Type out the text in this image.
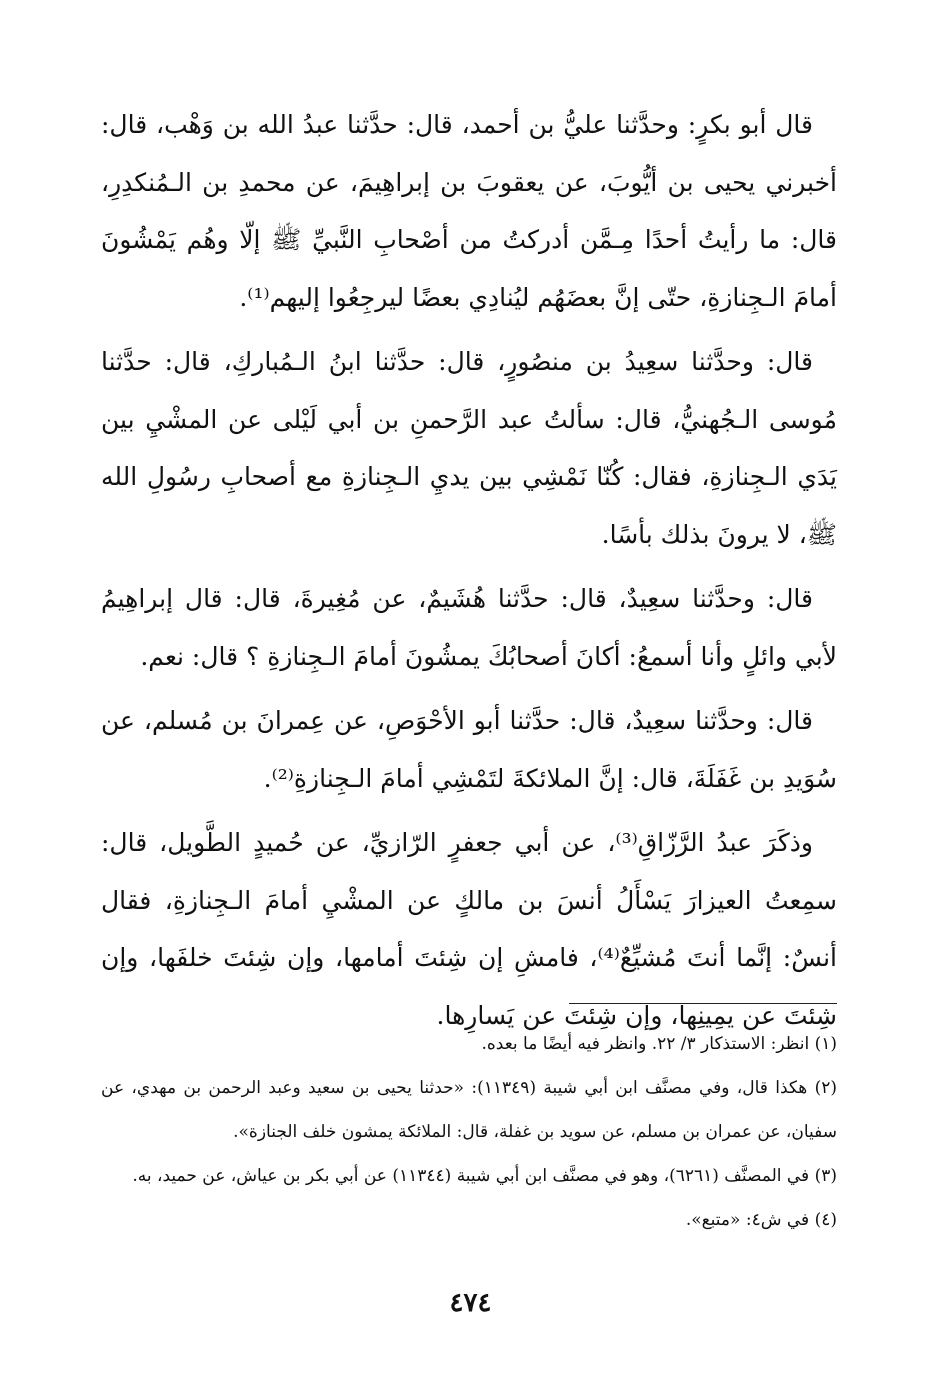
قال أبو بكرٍ: وحدَّثنا عليُّ بن أحمد، قال: حدَّثنا عبدُ الله بن وَهْب، قال: أخبرني يحيى بن أيُّوبَ، عن يعقوبَ بن إبراهِيمَ، عن محمدِ بن الـمُنكدِرِ، قال: ما رأيتُ أحدًا مِـمَّن أدركتُ من أصْحابِ النَّبيِّ ﷺ إلّا وهُم يَمْشُونَ أمامَ الـجِنازةِ، حتّى إنَّ بعضَهُم ليُنادِي بعضًا ليرجِعُوا إليهم⁽¹⁾.

قال: وحدَّثنا سعِيدُ بن منصُورٍ، قال: حدَّثنا ابنُ الـمُباركِ، قال: حدَّثنا مُوسى الـجُهنيُّ، قال: سألتُ عبد الرَّحمنِ بن أبي لَيْلى عن المشْيِ بين يَدَي الـجِنازةِ، فقال: كُنّا نَمْشِي بين يديِ الـجِنازةِ مع أصحابِ رسُولِ الله ﷺ، لا يرونَ بذلك بأسًا.

قال: وحدَّثنا سعِيدٌ، قال: حدَّثنا هُشَيمٌ، عن مُغِيرةَ، قال: قال إبراهِيمُ لأبي وائلٍ وأنا أسمعُ: أكانَ أصحابُكَ يمشُونَ أمامَ الـجِنازةِ ؟ قال: نعم.

قال: وحدَّثنا سعِيدٌ، قال: حدَّثنا أبو الأحْوَصِ، عن عِمرانَ بن مُسلم، عن سُوَيدِ بن غَفَلَةَ، قال: إنَّ الملائكةَ لتَمْشِي أمامَ الـجِنازةِ⁽²⁾.

وذكَرَ عبدُ الرَّزّاقِ⁽³⁾، عن أبي جعفرٍ الرّازيِّ، عن حُميدٍ الطَّويل، قال: سمِعتُ العيزارَ يَسْأَلُ أنسَ بن مالكٍ عن المشْيِ أمامَ الـجِنازةِ، فقال أنسٌ: إنَّما أنتَ مُشيِّعٌ⁽⁴⁾، فامشِ إن شِئتَ أمامها، وإن شِئتَ خلفَها، وإن شِئتَ عن يمِينِها، وإن شِئتَ عن يَسارِها.

(١) انظر: الاستذكار ٣/ ٢٢. وانظر فيه أيضًا ما بعده.

(٢) هكذا قال، وفي مصنَّف ابن أبي شيبة (١١٣٤٩): «حدثنا يحيى بن سعيد وعبد الرحمن بن مهدي، عن سفيان، عن عمران بن مسلم، عن سويد بن غفلة، قال: الملائكة يمشون خلف الجنازة».

(٣) في المصنَّف (٦٢٦١)، وهو في مصنَّف ابن أبي شيبة (١١٣٤٤) عن أبي بكر بن عياش، عن حميد، به.

(٤) في ش٤: «متبع».

٤٧٤
